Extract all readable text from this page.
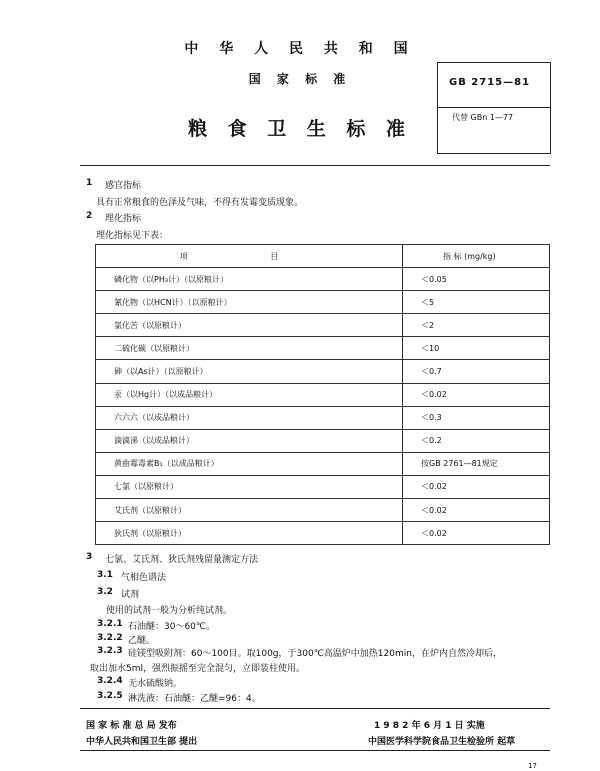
中 华 人 民 共 和 国
国 家 标 准
粮 食 卫 生 标 准
GB 2715—81
代替 GBn 1—77
1 感官指标
具有正常粮食的色泽及气味，不得有发霉变质现象。
2 理化指标
理化指标见下表：
项 目	指 标 (mg/kg)
磷化物（以PH₃计）（以原粮计）	＜0.05
氰化物（以HCN计）（以原粮计）	＜5
氯化苦（以原粮计）	＜2
二硫化碳（以原粮计）	＜10
砷（以As计）（以原粮计）	＜0.7
汞（以Hg计）（以成品粮计）	＜0.02
六六六（以成品粮计）	＜0.3
滴滴涕（以成品粮计）	＜0.2
黄曲霉毒素B₁（以成品粮计）	按GB 2761—81规定
七氯（以原粮计）	＜0.02
艾氏剂（以原粮计）	＜0.02
狄氏剂（以原粮计）	＜0.02
3 七氯、艾氏剂、狄氏剂残留量测定方法
3.1 气相色谱法
3.2 试剂
使用的试剂一般为分析纯试剂。
3.2.1 石油醚：30～60℃。
3.2.2 乙醚。
3.2.3 硅镁型吸附剂：60～100目。取100g，于300℃高温炉中加热120min，在炉内自然冷却后，
取出加水5ml，强烈振摇至完全混匀，立即装柱使用。
3.2.4 无水硫酸钠。
3.2.5 淋洗液：石油醚：乙醚=96：4。
国 家 标 准 总 局 发布	1 9 8 2 年 6 月 1 日 实施
中华人民共和国卫生部 提出	中国医学科学院食品卫生检验所 起草
17
